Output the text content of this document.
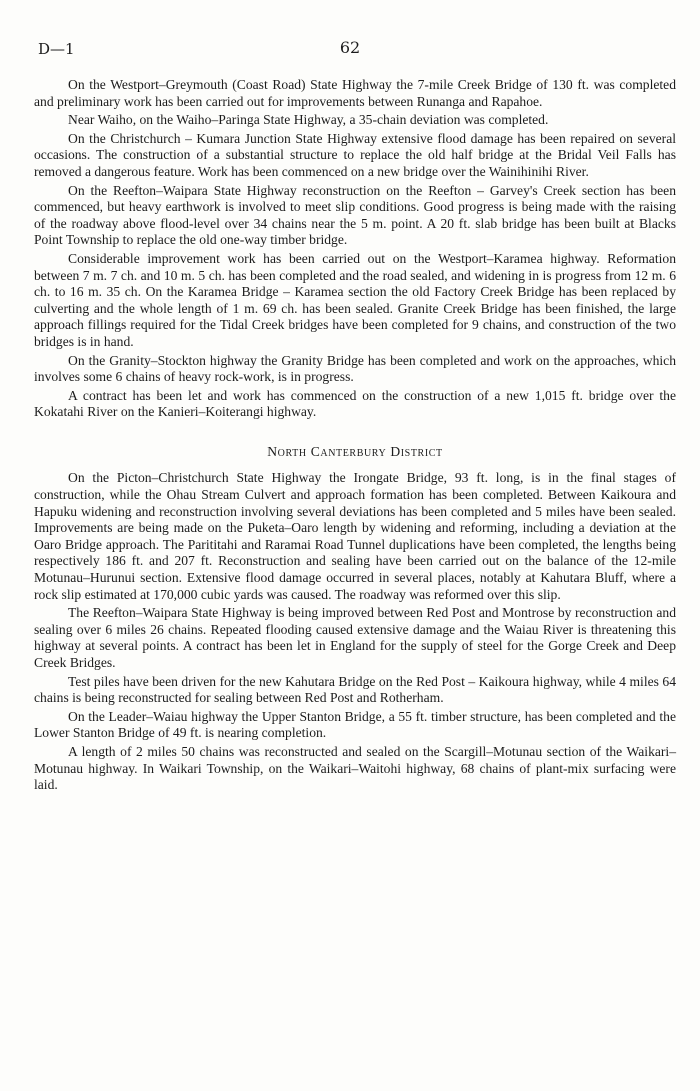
D—1	62

On the Westport–Greymouth (Coast Road) State Highway the 7-mile Creek Bridge of 130 ft. was completed and preliminary work has been carried out for improvements between Runanga and Rapahoe.

Near Waiho, on the Waiho–Paringa State Highway, a 35-chain deviation was completed.

On the Christchurch – Kumara Junction State Highway extensive flood damage has been repaired on several occasions. The construction of a substantial structure to replace the old half bridge at the Bridal Veil Falls has removed a dangerous feature. Work has been commenced on a new bridge over the Wainihinihi River.

On the Reefton–Waipara State Highway reconstruction on the Reefton – Garvey's Creek section has been commenced, but heavy earthwork is involved to meet slip conditions. Good progress is being made with the raising of the roadway above flood-level over 34 chains near the 5 m. point. A 20 ft. slab bridge has been built at Blacks Point Township to replace the old one-way timber bridge.

Considerable improvement work has been carried out on the Westport–Karamea highway. Reformation between 7 m. 7 ch. and 10 m. 5 ch. has been completed and the road sealed, and widening in is progress from 12 m. 6 ch. to 16 m. 35 ch. On the Karamea Bridge – Karamea section the old Factory Creek Bridge has been replaced by culverting and the whole length of 1 m. 69 ch. has been sealed. Granite Creek Bridge has been finished, the large approach fillings required for the Tidal Creek bridges have been completed for 9 chains, and construction of the two bridges is in hand.

On the Granity–Stockton highway the Granity Bridge has been completed and work on the approaches, which involves some 6 chains of heavy rock-work, is in progress.

A contract has been let and work has commenced on the construction of a new 1,015 ft. bridge over the Kokatahi River on the Kanieri–Koiterangi highway.

North Canterbury District

On the Picton–Christchurch State Highway the Irongate Bridge, 93 ft. long, is in the final stages of construction, while the Ohau Stream Culvert and approach formation has been completed. Between Kaikoura and Hapuku widening and reconstruction involving several deviations has been completed and 5 miles have been sealed. Improvements are being made on the Puketa–Oaro length by widening and reforming, including a deviation at the Oaro Bridge approach. The Parititahi and Raramai Road Tunnel duplications have been completed, the lengths being respectively 186 ft. and 207 ft. Reconstruction and sealing have been carried out on the balance of the 12-mile Motunau–Hurunui section. Extensive flood damage occurred in several places, notably at Kahutara Bluff, where a rock slip estimated at 170,000 cubic yards was caused. The roadway was reformed over this slip.

The Reefton–Waipara State Highway is being improved between Red Post and Montrose by reconstruction and sealing over 6 miles 26 chains. Repeated flooding caused extensive damage and the Waiau River is threatening this highway at several points. A contract has been let in England for the supply of steel for the Gorge Creek and Deep Creek Bridges.

Test piles have been driven for the new Kahutara Bridge on the Red Post – Kaikoura highway, while 4 miles 64 chains is being reconstructed for sealing between Red Post and Rotherham.

On the Leader–Waiau highway the Upper Stanton Bridge, a 55 ft. timber structure, has been completed and the Lower Stanton Bridge of 49 ft. is nearing completion.

A length of 2 miles 50 chains was reconstructed and sealed on the Scargill–Motunau section of the Waikari–Motunau highway. In Waikari Township, on the Waikari–Waitohi highway, 68 chains of plant-mix surfacing were laid.
